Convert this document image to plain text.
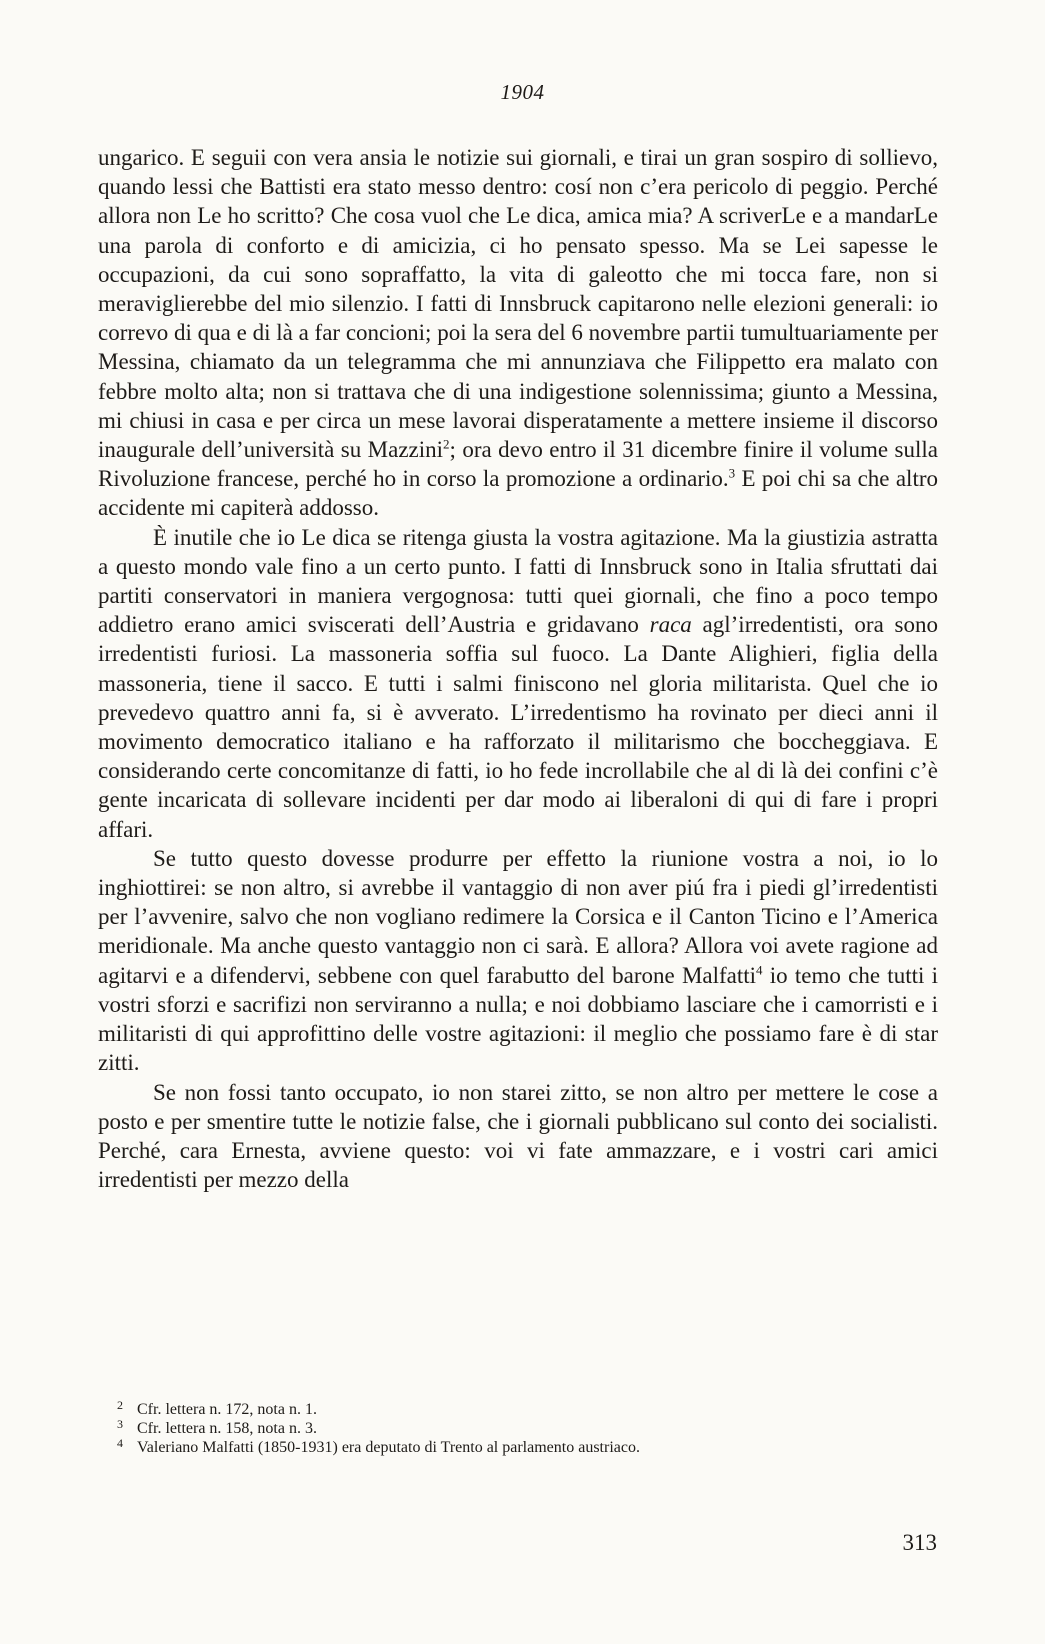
1904

ungarico. E seguii con vera ansia le notizie sui giornali, e tirai un gran sospiro di sollievo, quando lessi che Battisti era stato messo dentro: cosí non c’era pericolo di peggio. Perché allora non Le ho scritto? Che cosa vuol che Le dica, amica mia? A scriverLe e a mandarLe una parola di conforto e di amicizia, ci ho pensato spesso. Ma se Lei sapesse le occupazioni, da cui sono sopraffatto, la vita di galeotto che mi tocca fare, non si meraviglierebbe del mio silenzio. I fatti di Innsbruck capitarono nelle elezioni generali: io correvo di qua e di là a far concioni; poi la sera del 6 novembre partii tumultuariamente per Messina, chiamato da un telegramma che mi annunziava che Filippetto era malato con febbre molto alta; non si trattava che di una indigestione solennissima; giunto a Messina, mi chiusi in casa e per circa un mese lavorai disperatamente a mettere insieme il discorso inaugurale dell’università su Mazzini$^2$; ora devo entro il 31 dicembre finire il volume sulla Rivoluzione francese, perché ho in corso la promozione a ordinario.$^3$ E poi chi sa che altro accidente mi capiterà addosso.

È inutile che io Le dica se ritenga giusta la vostra agitazione. Ma la giustizia astratta a questo mondo vale fino a un certo punto. I fatti di Innsbruck sono in Italia sfruttati dai partiti conservatori in maniera vergognosa: tutti quei giornali, che fino a poco tempo addietro erano amici sviscerati dell’Austria e gridavano raca agl’irredentisti, ora sono irredentisti furiosi. La massoneria soffia sul fuoco. La Dante Alighieri, figlia della massoneria, tiene il sacco. E tutti i salmi finiscono nel gloria militarista. Quel che io prevedevo quattro anni fa, si è avverato. L’irredentismo ha rovinato per dieci anni il movimento democratico italiano e ha rafforzato il militarismo che boccheggiava. E considerando certe concomitanze di fatti, io ho fede incrollabile che al di là dei confini c’è gente incaricata di sollevare incidenti per dar modo ai liberaloni di qui di fare i propri affari.

Se tutto questo dovesse produrre per effetto la riunione vostra a noi, io lo inghiottirei: se non altro, si avrebbe il vantaggio di non aver piú fra i piedi gl’irredentisti per l’avvenire, salvo che non vogliano redimere la Corsica e il Canton Ticino e l’America meridionale. Ma anche questo vantaggio non ci sarà. E allora? Allora voi avete ragione ad agitarvi e a difendervi, sebbene con quel farabutto del barone Malfatti$^4$ io temo che tutti i vostri sforzi e sacrifizi non serviranno a nulla; e noi dobbiamo lasciare che i camorristi e i militaristi di qui approfittino delle vostre agitazioni: il meglio che possiamo fare è di star zitti.

Se non fossi tanto occupato, io non starei zitto, se non altro per mettere le cose a posto e per smentire tutte le notizie false, che i giornali pubblicano sul conto dei socialisti. Perché, cara Ernesta, avviene questo: voi vi fate ammazzare, e i vostri cari amici irredentisti per mezzo della

2 Cfr. lettera n. 172, nota n. 1.

3 Cfr. lettera n. 158, nota n. 3.

4 Valeriano Malfatti (1850-1931) era deputato di Trento al parlamento austriaco.

313
